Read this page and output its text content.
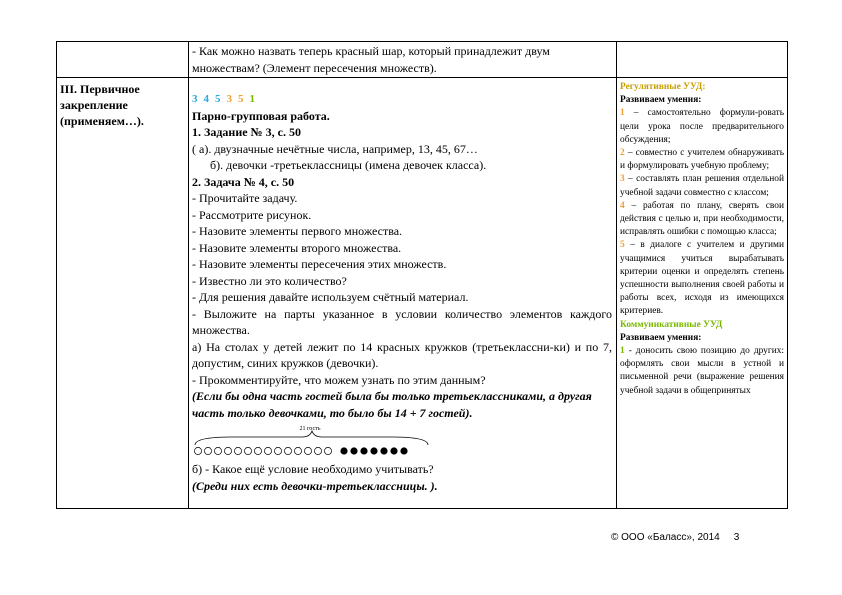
- Как можно назвать теперь красный шар, который принадлежит двум

множествам? (Элемент пересечения множеств).

III. Первичное закрепление (применяем…).

3 4 5 3 5 1

Парно-групповая работа.

1. Задание № 3, с. 50

( а). двузначные нечётные числа, например, 13, 45, 67…

б). девочки -третьеклассницы (имена девочек класса).

2. Задача № 4, с. 50

- Прочитайте задачу.

- Рассмотрите рисунок.

- Назовите элементы первого множества.

- Назовите элементы второго множества.

- Назовите элементы пересечения этих множеств.

- Известно ли это количество?

- Для решения давайте используем счётный материал.

- Выложите на парты указанное в условии количество элементов каждого множества.

а) На столах у детей лежит по 14 красных кружков (третьеклассни-ки) и по 7, допустим, синих кружков (девочки).

- Прокомментируйте, что можем узнать по этим данным?

(Если бы одна часть гостей была бы только третьеклассниками, а другая часть только девочками, то было бы 14 + 7 гостей).

21 гость

б) - Какое ещё условие необходимо учитывать?

(Среди них есть девочки-третьеклассницы. ).

Регулятивные УУД:

Развиваем умения:

1 – самостоятельно формули-ровать цели урока после предварительного обсуждения;

2 – совместно с учителем обнаруживать и формулировать учебную проблему;

3 – составлять план решения отдельной учебной задачи совместно с классом;

4 – работая по плану, сверять свои действия с целью и, при необходимости, исправлять ошибки с помощью класса;

5 – в диалоге с учителем и другими учащимися учиться вырабатывать критерии оценки и определять степень успешности выполнения своей работы и работы всех, исходя из имеющихся критериев.

Коммуникативные УУД

Развиваем умения:

1 - доносить свою позицию до других: оформлять свои мысли в устной и письменной речи (выражение решения учебной задачи в общепринятых

© ООО «Баласс», 2014 3
